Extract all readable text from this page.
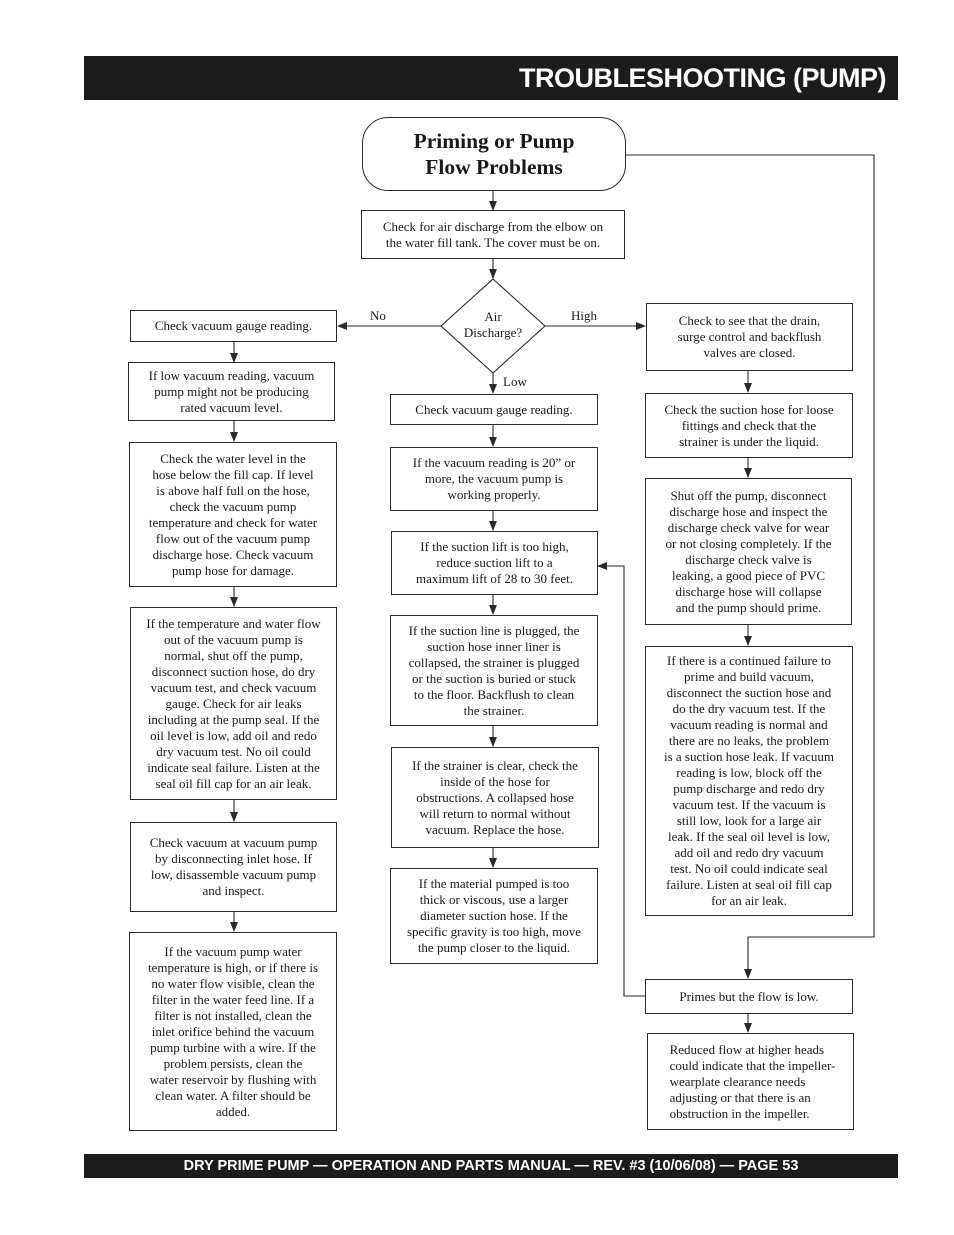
TROUBLESHOOTING (PUMP)
Priming or Pump
Flow Problems
Check for air discharge from the elbow on
the water fill tank. The cover must be on.
Air
Discharge?
No	High
Low
Check vacuum gauge reading.
If low vacuum reading, vacuum
pump might not be producing
rated vacuum level.
Check the water level in the
hose below the fill cap. If level
is above half full on the hose,
check the vacuum pump
temperature and check for water
flow out of the vacuum pump
discharge hose. Check vacuum
pump hose for damage.
If the temperature and water flow
out of the vacuum pump is
normal, shut off the pump,
disconnect suction hose, do dry
vacuum test, and check vacuum
gauge. Check for air leaks
including at the pump seal. If the
oil level is low, add oil and redo
dry vacuum test. No oil could
indicate seal failure. Listen at the
seal oil fill cap for an air leak.
Check vacuum at vacuum pump
by disconnecting inlet hose. If
low, disassemble vacuum pump
and inspect.
If the vacuum pump water
temperature is high, or if there is
no water flow visible, clean the
filter in the water feed line. If a
filter is not installed, clean the
inlet orifice behind the vacuum
pump turbine with a wire. If the
problem persists, clean the
water reservoir by flushing with
clean water. A filter should be
added.
Check vacuum gauge reading.
If the vacuum reading is 20” or
more, the vacuum pump is
working properly.
If the suction lift is too high,
reduce suction lift to a
maximum lift of 28 to 30 feet.
If the suction line is plugged, the
suction hose inner liner is
collapsed, the strainer is plugged
or the suction is buried or stuck
to the floor. Backflush to clean
the strainer.
If the strainer is clear, check the
inside of the hose for
obstructions. A collapsed hose
will return to normal without
vacuum. Replace the hose.
If the material pumped is too
thick or viscous, use a larger
diameter suction hose. If the
specific gravity is too high, move
the pump closer to the liquid.
Check to see that the drain,
surge control and backflush
valves are closed.
Check the suction hose for loose
fittings and check that the
strainer is under the liquid.
Shut off the pump, disconnect
discharge hose and inspect the
discharge check valve for wear
or not closing completely. If the
discharge check valve is
leaking, a good piece of PVC
discharge hose will collapse
and the pump should prime.
If there is a continued failure to
prime and build vacuum,
disconnect the suction hose and
do the dry vacuum test. If the
vacuum reading is normal and
there are no leaks, the problem
is a suction hose leak. If vacuum
reading is low, block off the
pump discharge and redo dry
vacuum test. If the vacuum is
still low, look for a large air
leak. If the seal oil level is low,
add oil and redo dry vacuum
test. No oil could indicate seal
failure. Listen at seal oil fill cap
for an air leak.
Primes but the flow is low.
Reduced flow at higher heads
could indicate that the impeller-
wearplate clearance needs
adjusting or that there is an
obstruction in the impeller.
DRY PRIME PUMP — OPERATION AND PARTS MANUAL — REV. #3 (10/06/08) — PAGE 53
